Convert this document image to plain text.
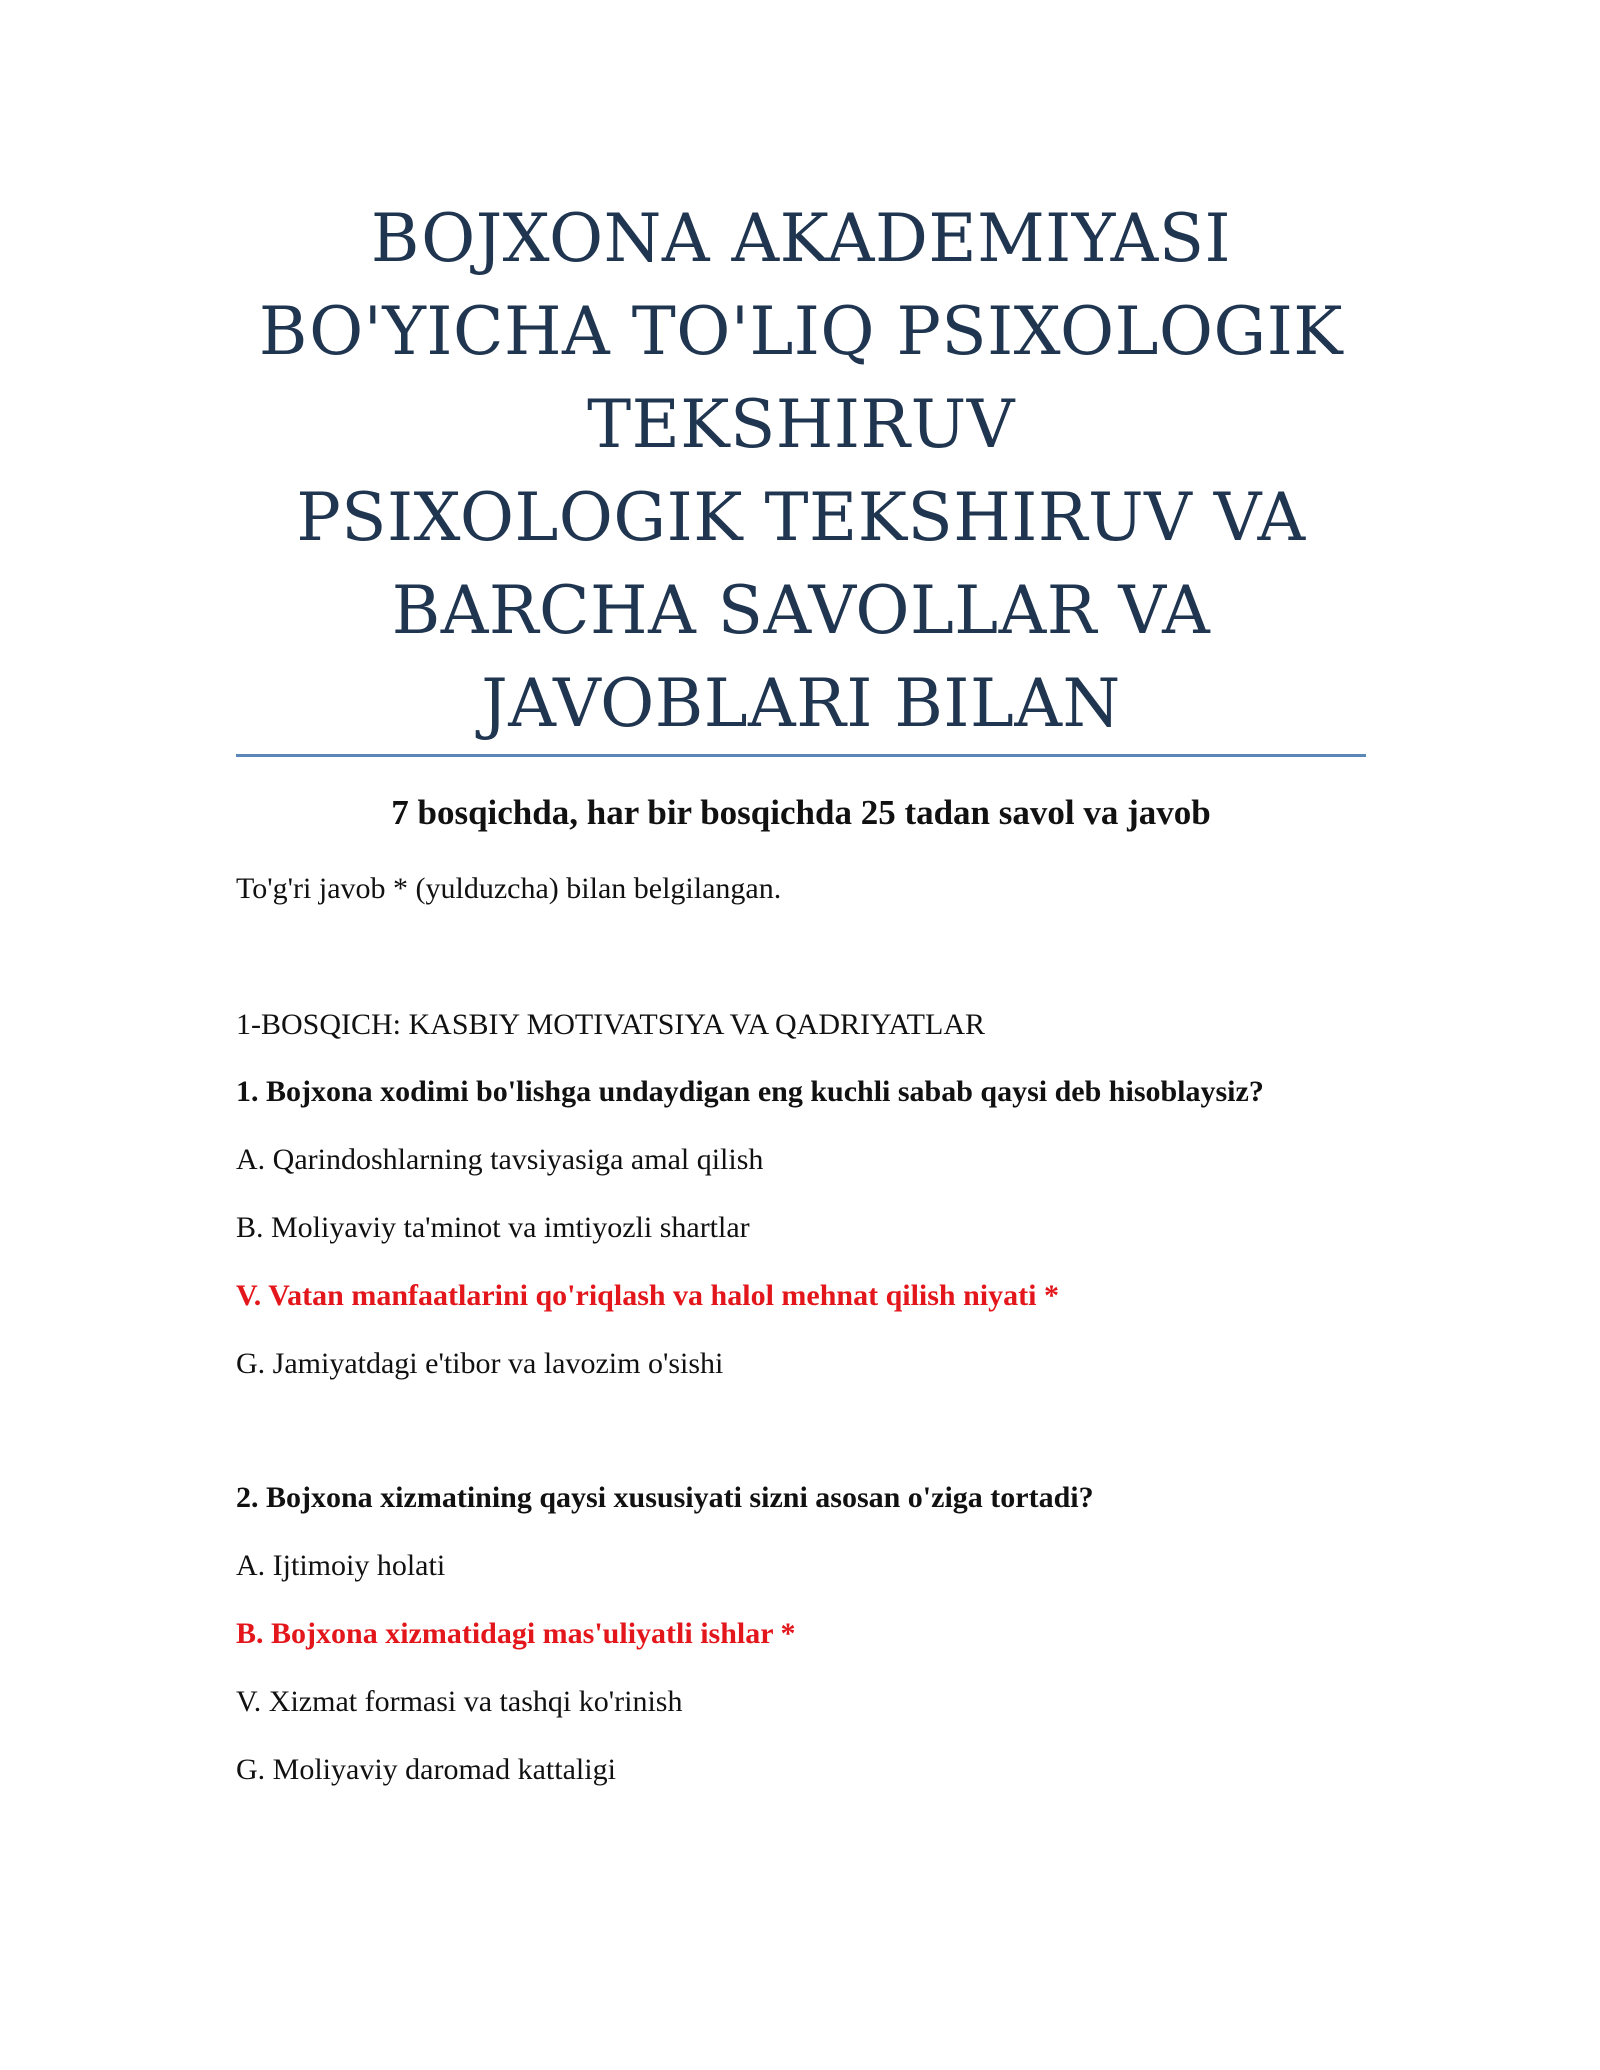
BOJXONA AKADEMIYASI
BO'YICHA TO'LIQ PSIXOLOGIK
TEKSHIRUV
PSIXOLOGIK TEKSHIRUV VA
BARCHA SAVOLLAR VA
JAVOBLARI BILAN
7 bosqichda, har bir bosqichda 25 tadan savol va javob
To'g'ri javob * (yulduzcha) bilan belgilangan.
1-BOSQICH: KASBIY MOTIVATSIYA VA QADRIYATLAR
1. Bojxona xodimi bo'lishga undaydigan eng kuchli sabab qaysi deb hisoblaysiz?
A. Qarindoshlarning tavsiyasiga amal qilish
B. Moliyaviy ta'minot va imtiyozli shartlar
V. Vatan manfaatlarini qo'riqlash va halol mehnat qilish niyati *
G. Jamiyatdagi e'tibor va lavozim o'sishi
2. Bojxona xizmatining qaysi xususiyati sizni asosan o'ziga tortadi?
A. Ijtimoiy holati
B. Bojxona xizmatidagi mas'uliyatli ishlar *
V. Xizmat formasi va tashqi ko'rinish
G. Moliyaviy daromad kattaligi
